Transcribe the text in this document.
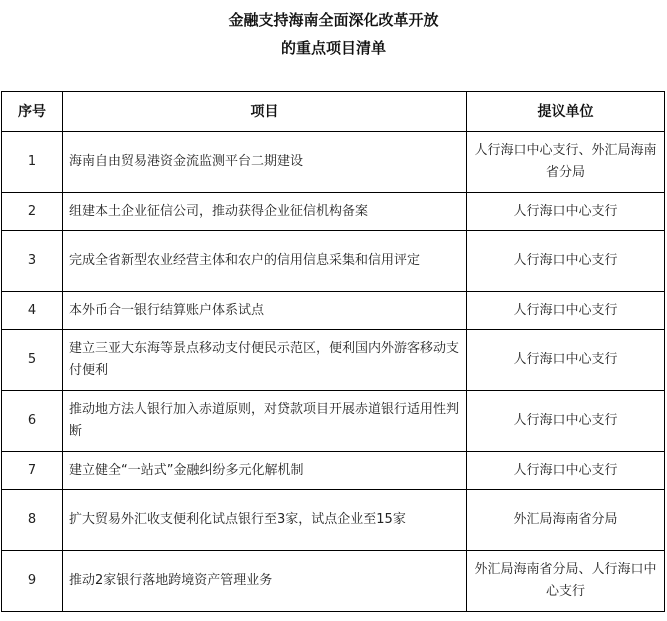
金融支持海南全面深化改革开放
的重点项目清单
序号	项目	提议单位
1	海南自由贸易港资金流监测平台二期建设	人行海口中心支行、外汇局海南省分局
2	组建本土企业征信公司，推动获得企业征信机构备案	人行海口中心支行
3	完成全省新型农业经营主体和农户的信用信息采集和信用评定	人行海口中心支行
4	本外币合一银行结算账户体系试点	人行海口中心支行
5	建立三亚大东海等景点移动支付便民示范区，便利国内外游客移动支付便利	人行海口中心支行
6	推动地方法人银行加入赤道原则，对贷款项目开展赤道银行适用性判断	人行海口中心支行
7	建立健全“一站式”金融纠纷多元化解机制	人行海口中心支行
8	扩大贸易外汇收支便利化试点银行至3家，试点企业至15家	外汇局海南省分局
9	推动2家银行落地跨境资产管理业务	外汇局海南省分局、人行海口中心支行
